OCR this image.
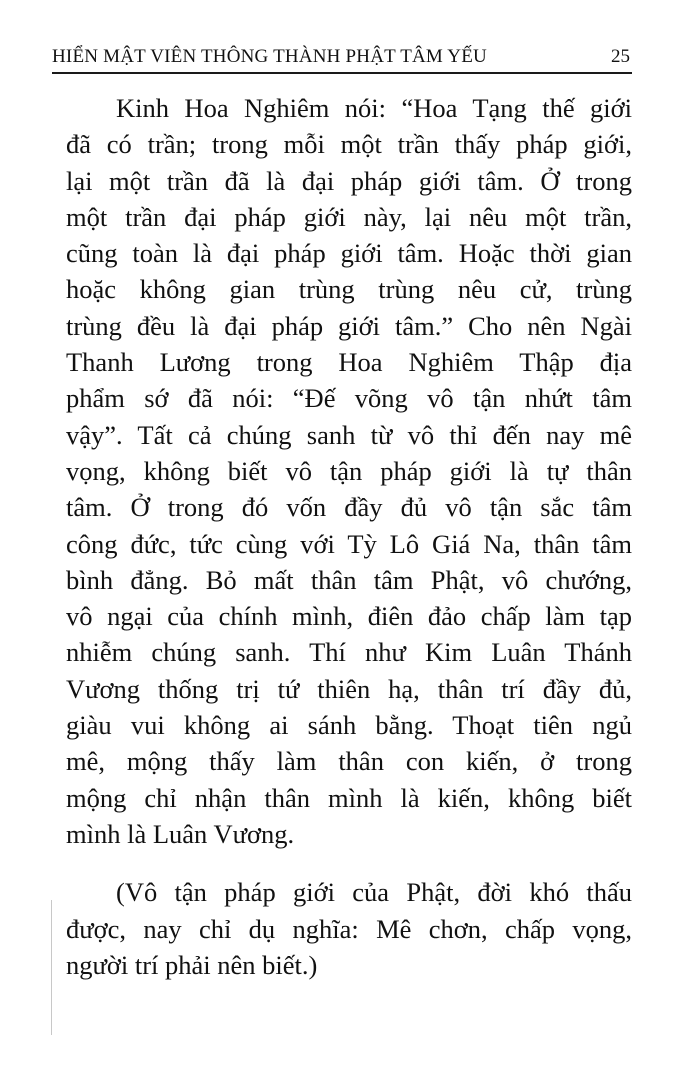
HIỂN MẬT VIÊN THÔNG THÀNH PHẬT TÂM YẾU	25
Kinh Hoa Nghiêm nói: “Hoa Tạng thế giới
đã có trần; trong mỗi một trần thấy pháp giới,
lại một trần đã là đại pháp giới tâm. Ở trong
một trần đại pháp giới này, lại nêu một trần,
cũng toàn là đại pháp giới tâm. Hoặc thời gian
hoặc không gian trùng trùng nêu cử, trùng
trùng đều là đại pháp giới tâm.” Cho nên Ngài
Thanh Lương trong Hoa Nghiêm Thập địa
phẩm sớ đã nói: “Đế võng vô tận nhứt tâm
vậy”. Tất cả chúng sanh từ vô thỉ đến nay mê
vọng, không biết vô tận pháp giới là tự thân
tâm. Ở trong đó vốn đầy đủ vô tận sắc tâm
công đức, tức cùng với Tỳ Lô Giá Na, thân tâm
bình đẳng. Bỏ mất thân tâm Phật, vô chướng,
vô ngại của chính mình, điên đảo chấp làm tạp
nhiễm chúng sanh. Thí như Kim Luân Thánh
Vương thống trị tứ thiên hạ, thân trí đầy đủ,
giàu vui không ai sánh bằng. Thoạt tiên ngủ
mê, mộng thấy làm thân con kiến, ở trong
mộng chỉ nhận thân mình là kiến, không biết
mình là Luân Vương.
(Vô tận pháp giới của Phật, đời khó thấu
được, nay chỉ dụ nghĩa: Mê chơn, chấp vọng,
người trí phải nên biết.)
